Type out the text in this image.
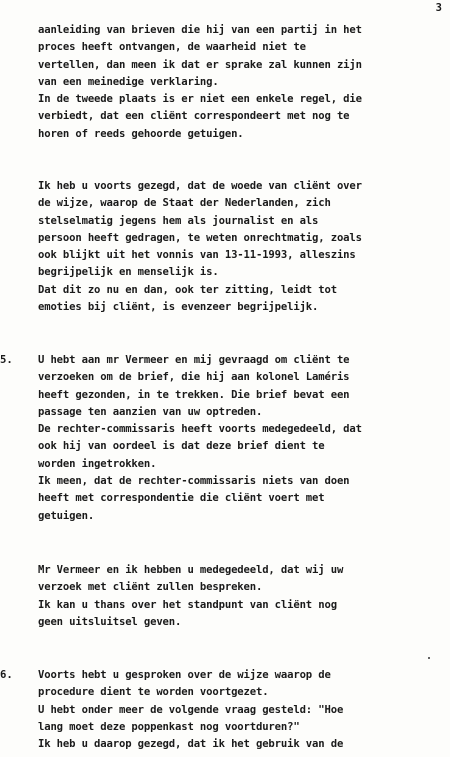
3
aanleiding van brieven die hij van een partij in het
proces heeft ontvangen, de waarheid niet te
vertellen, dan meen ik dat er sprake zal kunnen zijn
van een meinedige verklaring.
In de tweede plaats is er niet een enkele regel, die
verbiedt, dat een cliënt correspondeert met nog te
horen of reeds gehoorde getuigen.
Ik heb u voorts gezegd, dat de woede van cliënt over
de wijze, waarop de Staat der Nederlanden, zich
stelselmatig jegens hem als journalist en als
persoon heeft gedragen, te weten onrechtmatig, zoals
ook blijkt uit het vonnis van 13-11-1993, alleszins
begrijpelijk en menselijk is.
Dat dit zo nu en dan, ook ter zitting, leidt tot
emoties bij cliënt, is evenzeer begrijpelijk.
5. U hebt aan mr Vermeer en mij gevraagd om cliënt te
verzoeken om de brief, die hij aan kolonel Laméris
heeft gezonden, in te trekken. Die brief bevat een
passage ten aanzien van uw optreden.
De rechter-commissaris heeft voorts medegedeeld, dat
ook hij van oordeel is dat deze brief dient te
worden ingetrokken.
Ik meen, dat de rechter-commissaris niets van doen
heeft met correspondentie die cliënt voert met
getuigen.
Mr Vermeer en ik hebben u medegedeeld, dat wij uw
verzoek met cliënt zullen bespreken.
Ik kan u thans over het standpunt van cliënt nog
geen uitsluitsel geven.
6. Voorts hebt u gesproken over de wijze waarop de
procedure dient te worden voortgezet.
U hebt onder meer de volgende vraag gesteld: "Hoe
lang moet deze poppenkast nog voortduren?"
Ik heb u daarop gezegd, dat ik het gebruik van de
